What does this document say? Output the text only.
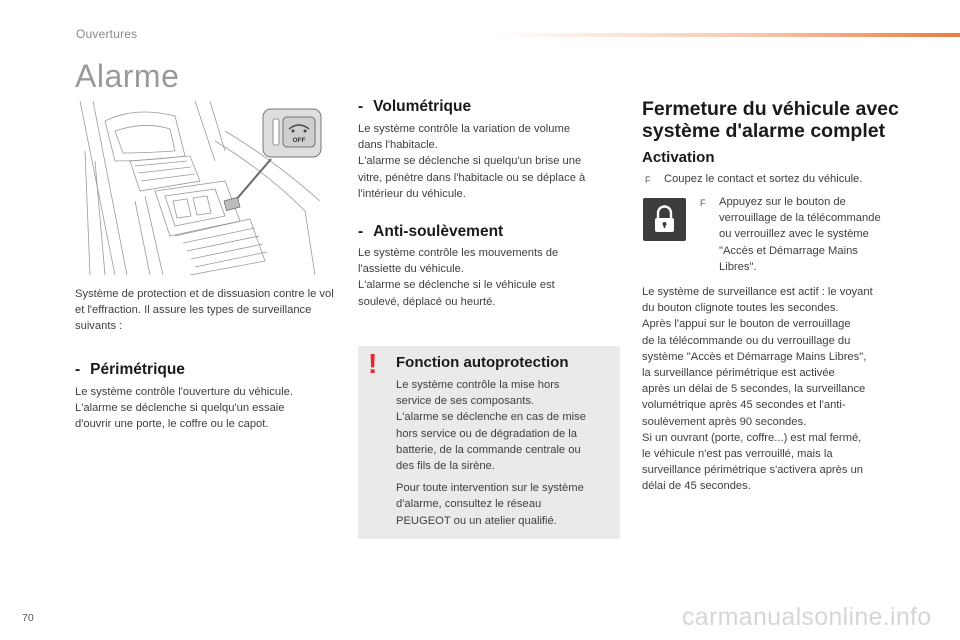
Ouvertures
Alarme
OFF
Système de protection et de dissuasion contre le vol et l'effraction. Il assure les types de surveillance suivants :
- Périmétrique
Le système contrôle l'ouverture du véhicule.
L'alarme se déclenche si quelqu'un essaie
d'ouvrir une porte, le coffre ou le capot.
- Volumétrique
Le système contrôle la variation de volume
dans l'habitacle.
L'alarme se déclenche si quelqu'un brise une
vitre, pénètre dans l'habitacle ou se déplace à
l'intérieur du véhicule.
- Anti-soulèvement
Le système contrôle les mouvements de
l'assiette du véhicule.
L'alarme se déclenche si le véhicule est
soulevé, déplacé ou heurté.
! Fonction autoprotection
Le système contrôle la mise hors
service de ses composants.
L'alarme se déclenche en cas de mise
hors service ou de dégradation de la
batterie, de la commande centrale ou
des fils de la sirène.
Pour toute intervention sur le système
d'alarme, consultez le réseau
PEUGEOT ou un atelier qualifié.
Fermeture du véhicule avec
système d'alarme complet
Activation
F Coupez le contact et sortez du véhicule.
F Appuyez sur le bouton de
verrouillage de la télécommande
ou verrouillez avec le système
"Accès et Démarrage Mains
Libres".
Le système de surveillance est actif : le voyant
du bouton clignote toutes les secondes.
Après l'appui sur le bouton de verrouillage
de la télécommande ou du verrouillage du
système "Accès et Démarrage Mains Libres",
la surveillance périmétrique est activée
après un délai de 5 secondes, la surveillance
volumétrique après 45 secondes et l'anti-
soulèvement après 90 secondes.
Si un ouvrant (porte, coffre...) est mal fermé,
le véhicule n'est pas verrouillé, mais la
surveillance périmétrique s'activera après un
délai de 45 secondes.
70	carmanualsonline.info
